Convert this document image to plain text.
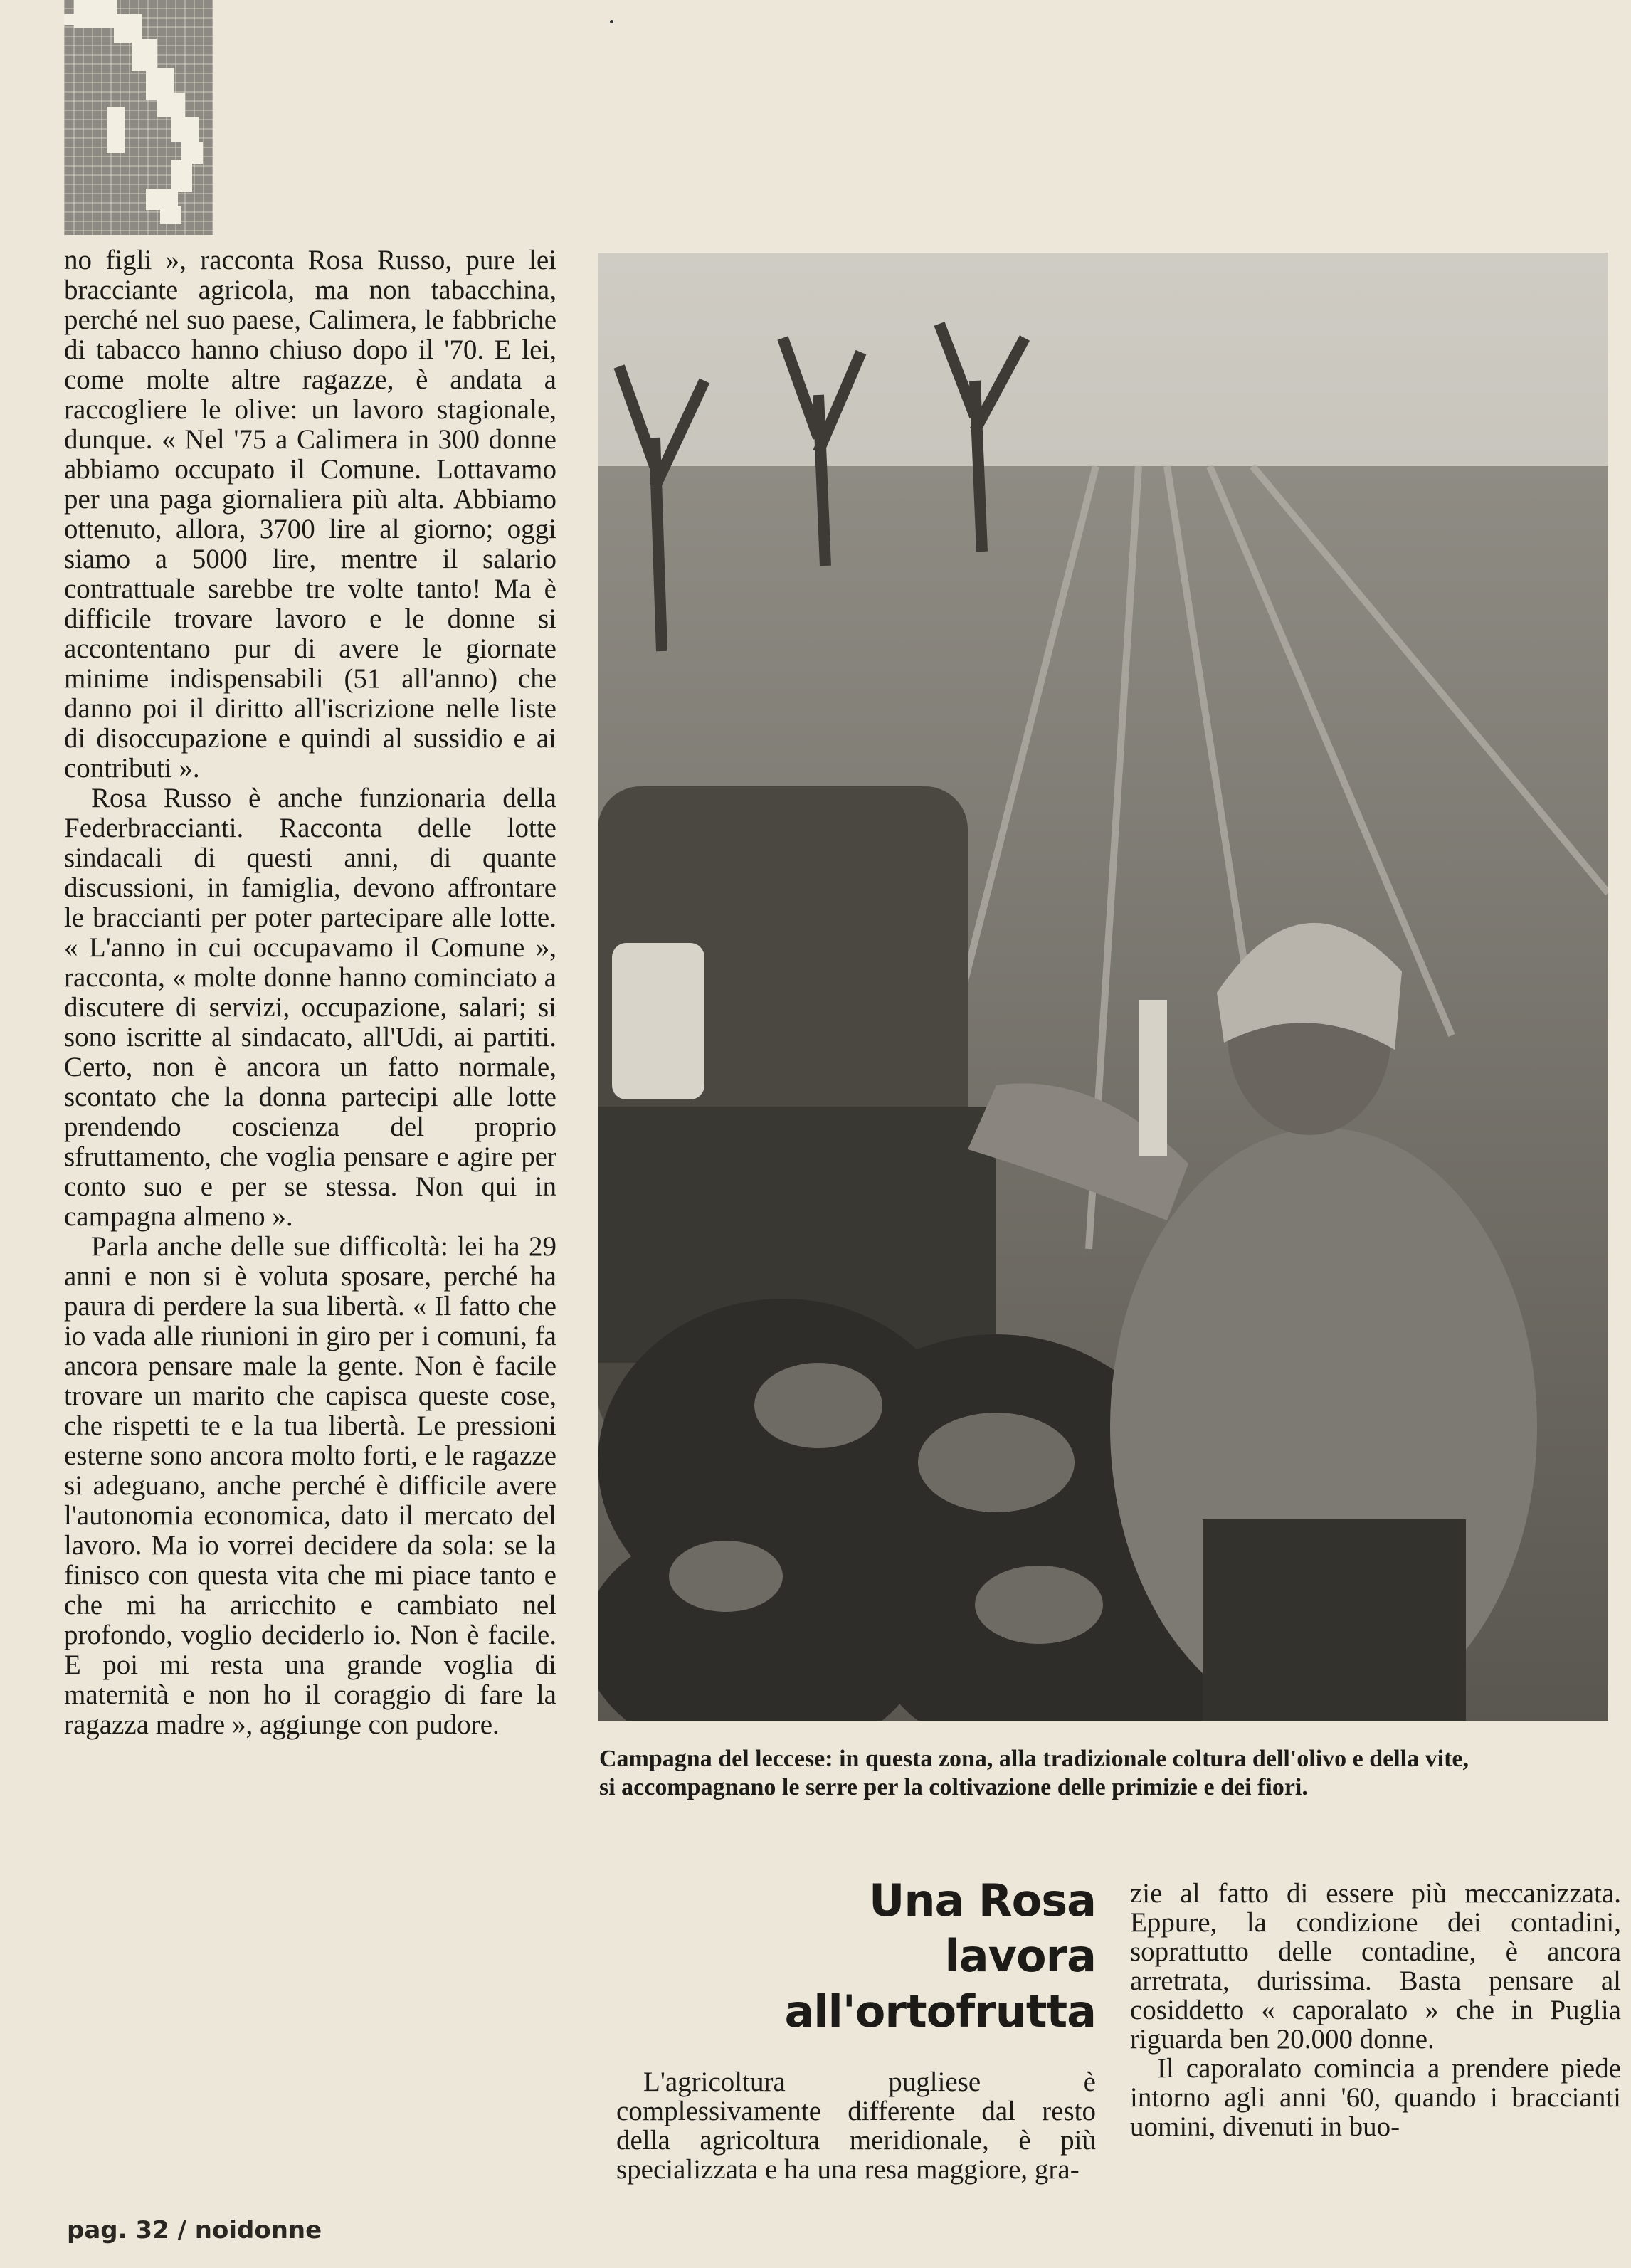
no figli », racconta Rosa Russo, pure lei bracciante agricola, ma non tabacchina, perché nel suo paese, Calimera, le fabbriche di tabacco hanno chiuso dopo il '70. E lei, come molte altre ragazze, è andata a raccogliere le olive: un lavoro stagionale, dunque. « Nel '75 a Calimera in 300 donne abbiamo occupato il Comune. Lottavamo per una paga giornaliera più alta. Abbiamo ottenuto, allora, 3700 lire al giorno; oggi siamo a 5000 lire, mentre il salario contrattuale sarebbe tre volte tanto! Ma è difficile trovare lavoro e le donne si accontentano pur di avere le giornate minime indispensabili (51 all'anno) che danno poi il diritto all'iscrizione nelle liste di disoccupazione e quindi al sussidio e ai contributi ».

Rosa Russo è anche funzionaria della Federbraccianti. Racconta delle lotte sindacali di questi anni, di quante discussioni, in famiglia, devono affrontare le braccianti per poter partecipare alle lotte. « L'anno in cui occupavamo il Comune », racconta, « molte donne hanno cominciato a discutere di servizi, occupazione, salari; si sono iscritte al sindacato, all'Udi, ai partiti. Certo, non è ancora un fatto normale, scontato che la donna partecipi alle lotte prendendo coscienza del proprio sfruttamento, che voglia pensare e agire per conto suo e per se stessa. Non qui in campagna almeno ».

Parla anche delle sue difficoltà: lei ha 29 anni e non si è voluta sposare, perché ha paura di perdere la sua libertà. « Il fatto che io vada alle riunioni in giro per i comuni, fa ancora pensare male la gente. Non è facile trovare un marito che capisca queste cose, che rispetti te e la tua libertà. Le pressioni esterne sono ancora molto forti, e le ragazze si adeguano, anche perché è difficile avere l'autonomia economica, dato il mercato del lavoro. Ma io vorrei decidere da sola: se la finisco con questa vita che mi piace tanto e che mi ha arricchito e cambiato nel profondo, voglio deciderlo io. Non è facile. E poi mi resta una grande voglia di maternità e non ho il coraggio di fare la ragazza madre », aggiunge con pudore.

Campagna del leccese: in questa zona, alla tradizionale coltura dell'olivo e della vite, si accompagnano le serre per la coltivazione delle primizie e dei fiori.
Una Rosa
lavora
all'ortofrutta

L'agricoltura pugliese è complessivamente differente dal resto della agricoltura meridionale, è più specializzata e ha una resa maggiore, gra-

zie al fatto di essere più meccanizzata. Eppure, la condizione dei contadini, soprattutto delle contadine, è ancora arretrata, durissima. Basta pensare al cosiddetto « caporalato » che in Puglia riguarda ben 20.000 donne.

Il caporalato comincia a prendere piede intorno agli anni '60, quando i braccianti uomini, divenuti in buo-

pag. 32 / noidonne
